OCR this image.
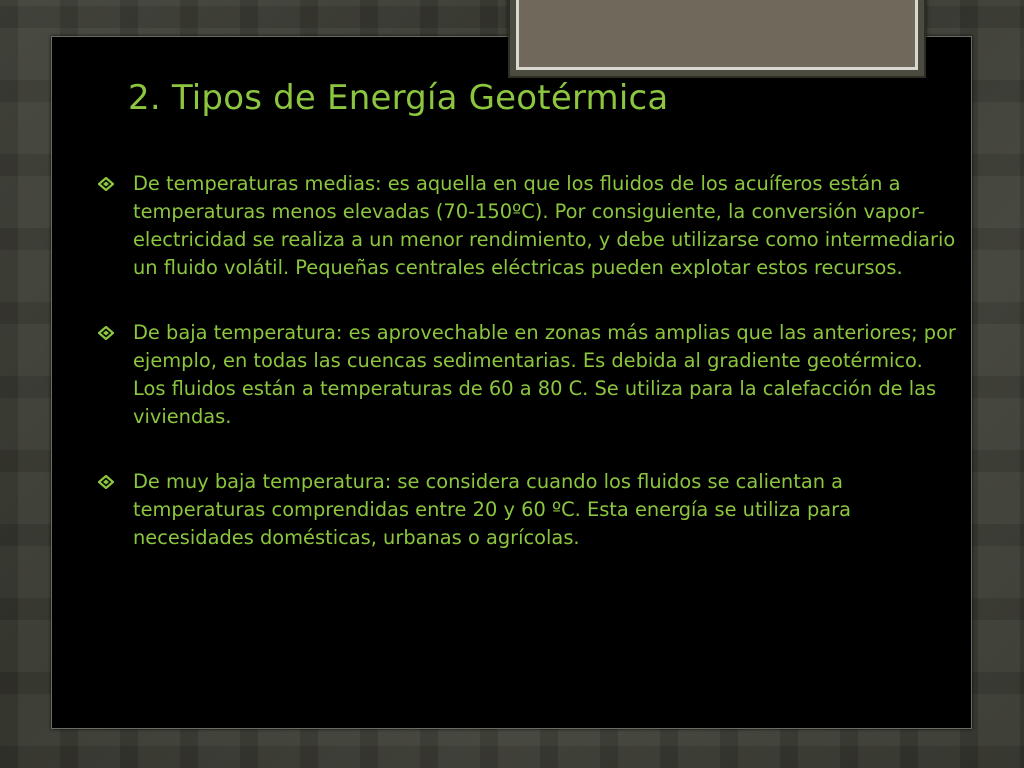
2. Tipos de Energía Geotérmica
De temperaturas medias: es aquella en que los fluidos de los acuíferos están a temperaturas menos elevadas (70-150ºC). Por consiguiente, la conversión vapor-electricidad se realiza a un menor rendimiento, y debe utilizarse como intermediario un fluido volátil. Pequeñas centrales eléctricas pueden explotar estos recursos.
De baja temperatura: es aprovechable en zonas más amplias que las anteriores; por ejemplo, en todas las cuencas sedimentarias. Es debida al gradiente geotérmico. Los fluidos están a temperaturas de 60 a 80 C. Se utiliza para la calefacción de las viviendas.
De muy baja temperatura: se considera cuando los fluidos se calientan a temperaturas comprendidas entre 20 y 60 ºC. Esta energía se utiliza para necesidades domésticas, urbanas o agrícolas.
